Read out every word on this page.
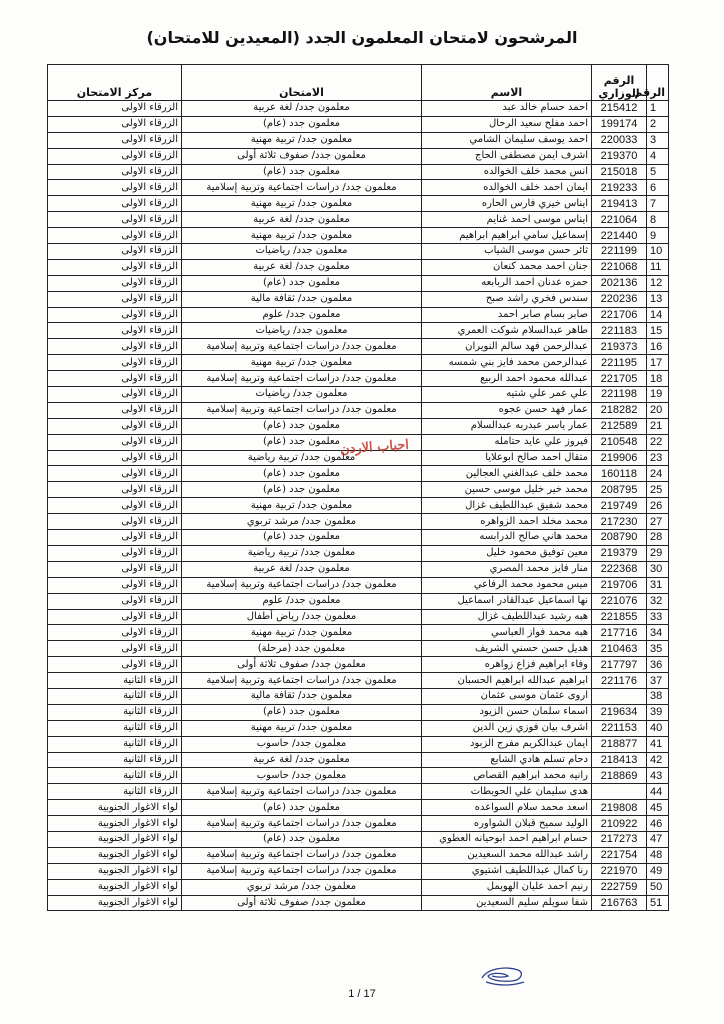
المرشحون لامتحان المعلمون الجدد (المعيدين للامتحان)
الرقم	الرقم الوزاري	الاسم	الامتحان	مركز الامتحان
1	215412	احمد حسام خالد عبد	معلمون جدد/ لغة عربية	الزرقاء الاولى
2	199174	احمد مفلح سعيد الرحال	معلمون جدد (عام)	الزرقاء الاولى
3	220033	احمد يوسف سليمان الشامي	معلمون جدد/ تربية مهنية	الزرقاء الاولى
4	219370	اشرف ايمن مصطفى الحاج	معلمون جدد/ صفوف ثلاثة أولى	الزرقاء الاولى
5	215018	انس محمد خلف الخوالده	معلمون جدد (عام)	الزرقاء الاولى
6	219233	ايمان احمد خلف الخوالده	معلمون جدد/ دراسات اجتماعية وتربية إسلامية	الزرقاء الاولى
7	219413	ايناس خيري فارس الحاره	معلمون جدد/ تربية مهنية	الزرقاء الاولى
8	221064	ايناس موسى احمد غنايم	معلمون جدد/ لغة عربية	الزرقاء الاولى
9	221440	إسماعيل سامي ابراهيم ابراهيم	معلمون جدد/ تربية مهنية	الزرقاء الاولى
10	221199	ثائر حسن موسى الشياب	معلمون جدد/ رياضيات	الزرقاء الاولى
11	221068	جنان احمد محمد كنعان	معلمون جدد/ لغة عربية	الزرقاء الاولى
12	202136	حمزه عدنان احمد الربابعه	معلمون جدد (عام)	الزرقاء الاولى
13	220236	سندس فخري راشد صبح	معلمون جدد/ ثقافة مالية	الزرقاء الاولى
14	221706	صابر بسام صابر احمد	معلمون جدد/ علوم	الزرقاء الاولى
15	221183	طاهر عبدالسلام شوكت العمري	معلمون جدد/ رياضيات	الزرقاء الاولى
16	219373	عبدالرحمن فهد سالم النويران	معلمون جدد/ دراسات اجتماعية وتربية إسلامية	الزرقاء الاولى
17	221195	عبدالرحمن محمد فايز بني شمسه	معلمون جدد/ تربية مهنية	الزرقاء الاولى
18	221705	عبدالله محمود احمد الربيع	معلمون جدد/ دراسات اجتماعية وتربية إسلامية	الزرقاء الاولى
19	221198	علي عمر علي شتيه	معلمون جدد/ رياضيات	الزرقاء الاولى
20	218282	عمار فهد حسن عجوه	معلمون جدد/ دراسات اجتماعية وتربية إسلامية	الزرقاء الاولى
21	212589	عمار ياسر عبدربه عبدالسلام	معلمون جدد (عام)	الزرقاء الاولى
22	210548	فيروز علي عايد حتامله	معلمون جدد (عام)	الزرقاء الاولى
23	219906	متقال احمد صالح ابوعلايا	معلمون جدد/ تربية رياضية	الزرقاء الاولى
24	160118	محمد خلف عبدالغني العجالين	معلمون جدد (عام)	الزرقاء الاولى
25	208795	محمد خير خليل موسى حسين	معلمون جدد (عام)	الزرقاء الاولى
26	219749	محمد شفيق عبداللطيف غزال	معلمون جدد/ تربية مهنية	الزرقاء الاولى
27	217230	محمد مخلد احمد الزواهره	معلمون جدد/ مرشد تربوي	الزرقاء الاولى
28	208790	محمد هاني صالح الدرابسه	معلمون جدد (عام)	الزرقاء الاولى
29	219379	معين توفيق محمود خليل	معلمون جدد/ تربية رياضية	الزرقاء الاولى
30	222368	منار فايز محمد المصري	معلمون جدد/ لغة عربية	الزرقاء الاولى
31	219706	ميس محمود محمد الرفاعي	معلمون جدد/ دراسات اجتماعية وتربية إسلامية	الزرقاء الاولى
32	221076	نها اسماعيل عبدالقادر اسماعيل	معلمون جدد/ علوم	الزرقاء الاولى
33	221855	هبه رشيد عبداللطيف غزال	معلمون جدد/ رياض أطفال	الزرقاء الاولى
34	217716	هبه محمد فواز العباسي	معلمون جدد/ تربية مهنية	الزرقاء الاولى
35	210463	هديل حسن حسني الشريف	معلمون جدد (مرحلة)	الزرقاء الاولى
36	217797	وفاء ابراهيم فزاع زواهره	معلمون جدد/ صفوف ثلاثة أولى	الزرقاء الاولى
37	221176	ابراهيم عبدالله ابراهيم الحسبان	معلمون جدد/ دراسات اجتماعية وتربية إسلامية	الزرقاء الثانية
38		اروى عثمان موسى عثمان	معلمون جدد/ ثقافة مالية	الزرقاء الثانية
39	219634	اسماء سلمان حسن الزيود	معلمون جدد (عام)	الزرقاء الثانية
40	221153	اشرف بيان فوزي زين الدين	معلمون جدد/ تربية مهنية	الزرقاء الثانية
41	218877	ايمان عبدالكريم مفرج الزبود	معلمون جدد/ حاسوب	الزرقاء الثانية
42	218413	دحام تسلم هادي الشايع	معلمون جدد/ لغة عربية	الزرقاء الثانية
43	218869	رانيه محمد ابراهيم القصاص	معلمون جدد/ حاسوب	الزرقاء الثانية
44		هدى سليمان علي الحويطات	معلمون جدد/ دراسات اجتماعية وتربية إسلامية	الزرقاء الثانية
45	219808	اسعد محمد سلام السواعده	معلمون جدد (عام)	لواء الاغوار الجنوبية
46	210922	الوليد سميح قبلان الشواوره	معلمون جدد/ دراسات اجتماعية وتربية إسلامية	لواء الاغوار الجنوبية
47	217273	حسام ابراهيم احمد ابوحيانه العطوي	معلمون جدد (عام)	لواء الاغوار الجنوبية
48	221754	راشد عبدالله محمد السعيدين	معلمون جدد/ دراسات اجتماعية وتربية إسلامية	لواء الاغوار الجنوبية
49	221970	رنا كمال عبداللطيف اشتيوي	معلمون جدد/ دراسات اجتماعية وتربية إسلامية	لواء الاغوار الجنوبية
50	222759	رنيم احمد عليان الهويمل	معلمون جدد/ مرشد تربوي	لواء الاغوار الجنوبية
51	216763	شفا سويلم سليم السعيدين	معلمون جدد/ صفوف ثلاثة أولى	لواء الاغوار الجنوبية
احباب الاردن
1 / 17
